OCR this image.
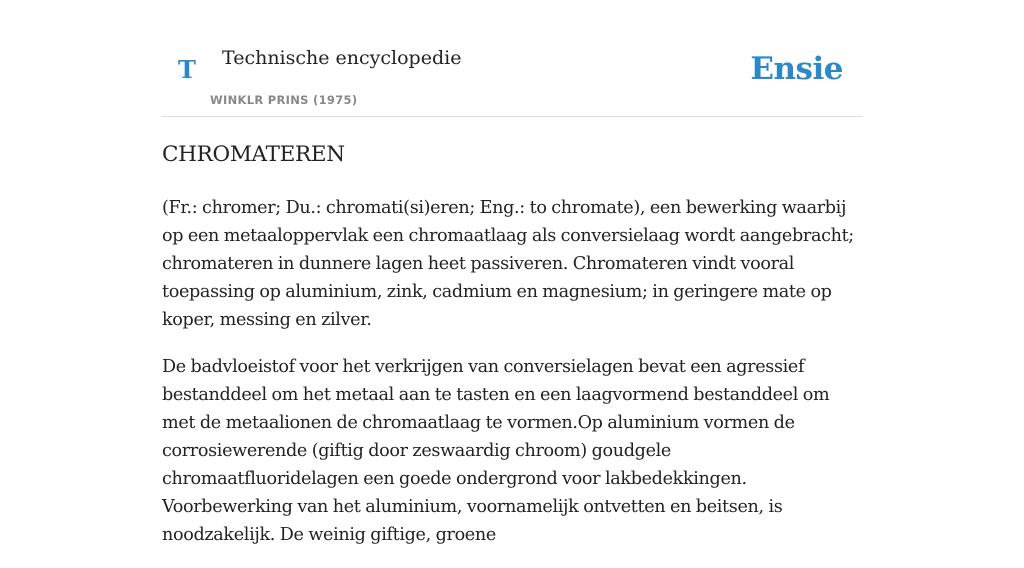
T Technische encyclopedie
WINKLR PRINS (1975)
Ensie
CHROMATEREN

(Fr.: chromer; Du.: chromati(si)eren; Eng.: to chromate), een bewerking waarbij op een metaaloppervlak een chromaatlaag als conversielaag wordt aangebracht; chromateren in dunnere lagen heet passiveren. Chromateren vindt vooral toepassing op aluminium, zink, cadmium en magnesium; in geringere mate op koper, messing en zilver.

De badvloeistof voor het verkrijgen van conversielagen bevat een agressief bestanddeel om het metaal aan te tasten en een laagvormend bestanddeel om met de metaalionen de chromaatlaag te vormen.Op aluminium vormen de corrosiewerende (giftig door zeswaardig chroom) goudgele chromaatfluoridelagen een goede ondergrond voor lakbedekkingen. Voorbewerking van het aluminium, voornamelijk ontvetten en beitsen, is noodzakelijk. De weinig giftige, groene
